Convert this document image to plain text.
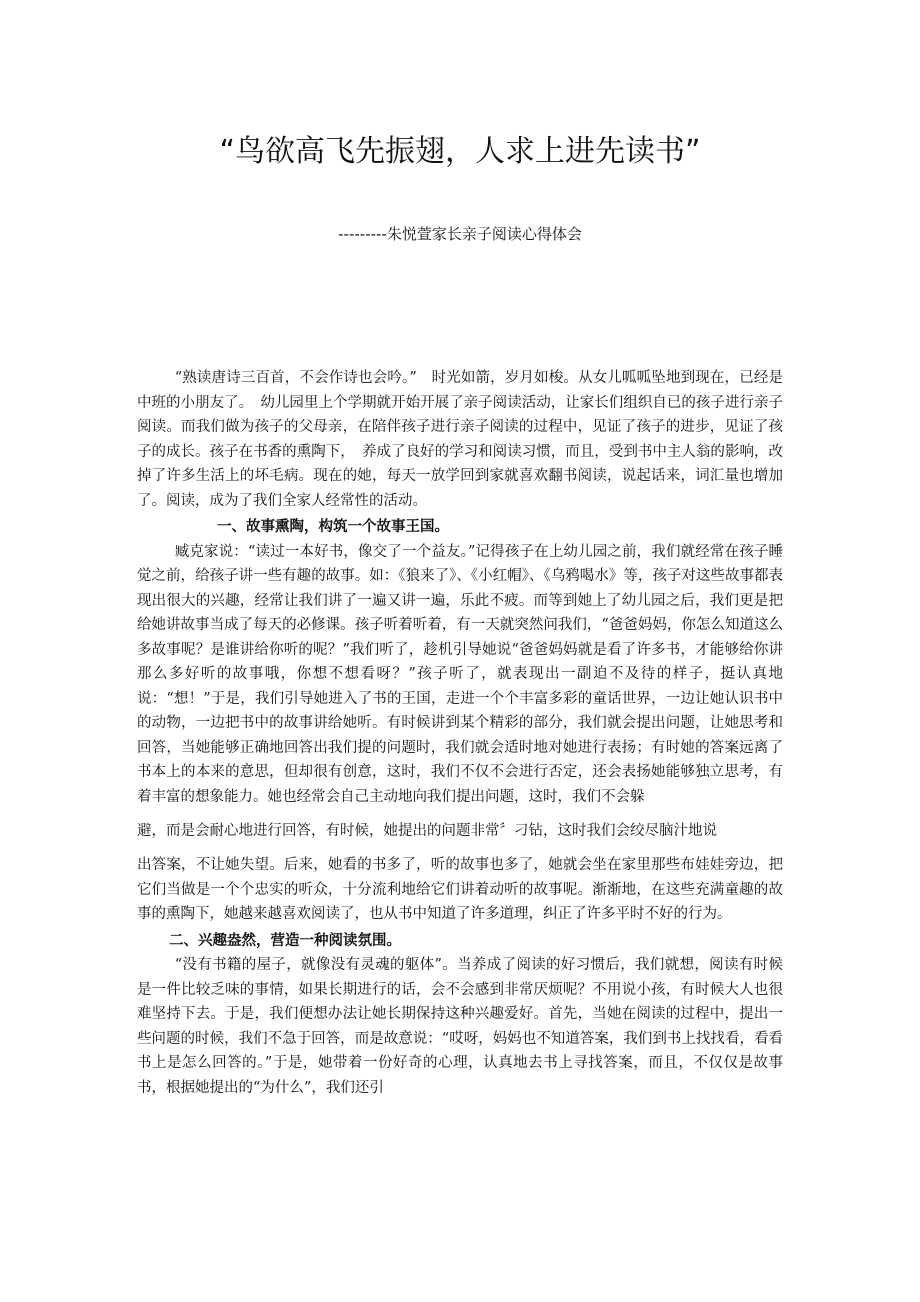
“鸟欲高飞先振翅，人求上进先读书”
---------朱悦萱家长亲子阅读心得体会

“熟读唐诗三百首，不会作诗也会吟。”　时光如箭，岁月如梭。从女儿呱呱坠地到现在，已经是中班的小朋友了。　幼儿园里上个学期就开始开展了亲子阅读活动，让家长们组织自已的孩子进行亲子阅读。而我们做为孩子的父母亲，在陪伴孩子进行亲子阅读的过程中，见证了孩子的进步，见证了孩子的成长。孩子在书香的熏陶下，　养成了良好的学习和阅读习惯，而且，受到书中主人翁的影响，改掉了许多生活上的坏毛病。现在的她，每天一放学回到家就喜欢翻书阅读，说起话来，词汇量也增加了。阅读，成为了我们全家人经常性的活动。

一、故事熏陶，构筑一个故事王国。

臧克家说：“读过一本好书，像交了一个益友。”记得孩子在上幼儿园之前，我们就经常在孩子睡觉之前，给孩子讲一些有趣的故事。如：《狼来了》、《小红帽》、《乌鸦喝水》等，孩子对这些故事都表现出很大的兴趣，经常让我们讲了一遍又讲一遍，乐此不疲。而等到她上了幼儿园之后，我们更是把给她讲故事当成了每天的必修课。孩子听着听着，有一天就突然问我们，“爸爸妈妈，你怎么知道这么多故事呢？是谁讲给你听的呢？”我们听了，趁机引导她说“爸爸妈妈就是看了许多书，才能够给你讲那么多好听的故事哦，你想不想看呀？”孩子听了，就表现出一副迫不及待的样子，挺认真地说：“想！”于是，我们引导她进入了书的王国，走进一个个丰富多彩的童话世界，一边让她认识书中的动物，一边把书中的故事讲给她听。有时候讲到某个精彩的部分，我们就会提出问题，让她思考和回答，当她能够正确地回答出我们提的问题时，我们就会适时地对她进行表扬；有时她的答案远离了书本上的本来的意思，但却很有创意，这时，我们不仅不会进行否定，还会表扬她能够独立思考，有着丰富的想象能力。她也经常会自己主动地向我们提出问题，这时，我们不会躲

避，而是会耐心地进行回答，有时候，她提出的问题非常〞刁钻，这时我们会绞尽脑汁地说

出答案，不让她失望。后来，她看的书多了，听的故事也多了，她就会坐在家里那些布娃娃旁边，把它们当做是一个个忠实的听众，十分流利地给它们讲着动听的故事呢。渐渐地，在这些充满童趣的故事的熏陶下，她越来越喜欢阅读了，也从书中知道了许多道理，纠正了许多平时不好的行为。

二、兴趣盎然，营造一种阅读氛围。

“没有书籍的屋子，就像没有灵魂的躯体”。当养成了阅读的好习惯后，我们就想，阅读有时候是一件比较乏味的事情，如果长期进行的话，会不会感到非常厌烦呢？不用说小孩，有时候大人也很难坚持下去。于是，我们便想办法让她长期保持这种兴趣爱好。首先，当她在阅读的过程中，提出一些问题的时候，我们不急于回答，而是故意说：“哎呀，妈妈也不知道答案，我们到书上找找看，看看书上是怎么回答的。”于是，她带着一份好奇的心理，认真地去书上寻找答案，而且，不仅仅是故事书，根据她提出的“为什么”，我们还引
